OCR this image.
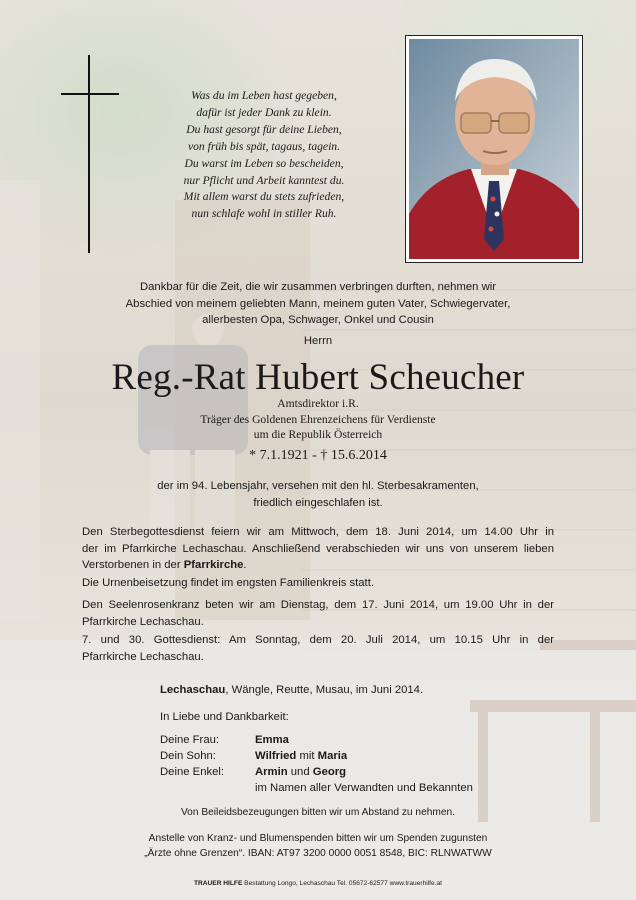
Was du im Leben hast gegeben,
dafür ist jeder Dank zu klein.
Du hast gesorgt für deine Lieben,
von früh bis spät, tagaus, tagein.
Du warst im Leben so bescheiden,
nur Pflicht und Arbeit kanntest du.
Mit allem warst du stets zufrieden,
nun schlafe wohl in stiller Ruh.
Dankbar für die Zeit, die wir zusammen verbringen durften, nehmen wir
Abschied von meinem geliebten Mann, meinem guten Vater, Schwiegervater,
allerbesten Opa, Schwager, Onkel und Cousin
Herrn
Reg.-Rat Hubert Scheucher
Amtsdirektor i.R.
Träger des Goldenen Ehrenzeichens für Verdienste
um die Republik Österreich
* 7.1.1921 - † 15.6.2014
der im 94. Lebensjahr, versehen mit den hl. Sterbesakramenten,
friedlich eingeschlafen ist.
Den Sterbegottesdienst feiern wir am Mittwoch, dem 18. Juni 2014, um 14.00 Uhr in
der im Pfarrkirche Lechaschau. Anschließend verabschieden wir uns von unserem lieben
Verstorbenen in der Pfarrkirche.
Die Urnenbeisetzung findet im engsten Familienkreis statt.
Den Seelenrosenkranz beten wir am Dienstag, dem 17. Juni 2014, um 19.00 Uhr in der
Pfarrkirche Lechaschau.
7. und 30. Gottesdienst: Am Sonntag, dem 20. Juli 2014, um 10.15 Uhr in der
Pfarrkirche Lechaschau.
Lechaschau, Wängle, Reutte, Musau, im Juni 2014.
In Liebe und Dankbarkeit:
Deine Frau:	Emma
Dein Sohn:	Wilfried mit Maria
Deine Enkel:	Armin und Georg
im Namen aller Verwandten und Bekannten
Von Beileidsbezeugungen bitten wir um Abstand zu nehmen.
Anstelle von Kranz- und Blumenspenden bitten wir um Spenden zugunsten
„Ärzte ohne Grenzen“. IBAN: AT97 3200 0000 0051 8548, BIC: RLNWATWW
TRAUER HILFE Bestattung Longo, Lechaschau Tel. 05672-62577 www.trauerhilfe.at
